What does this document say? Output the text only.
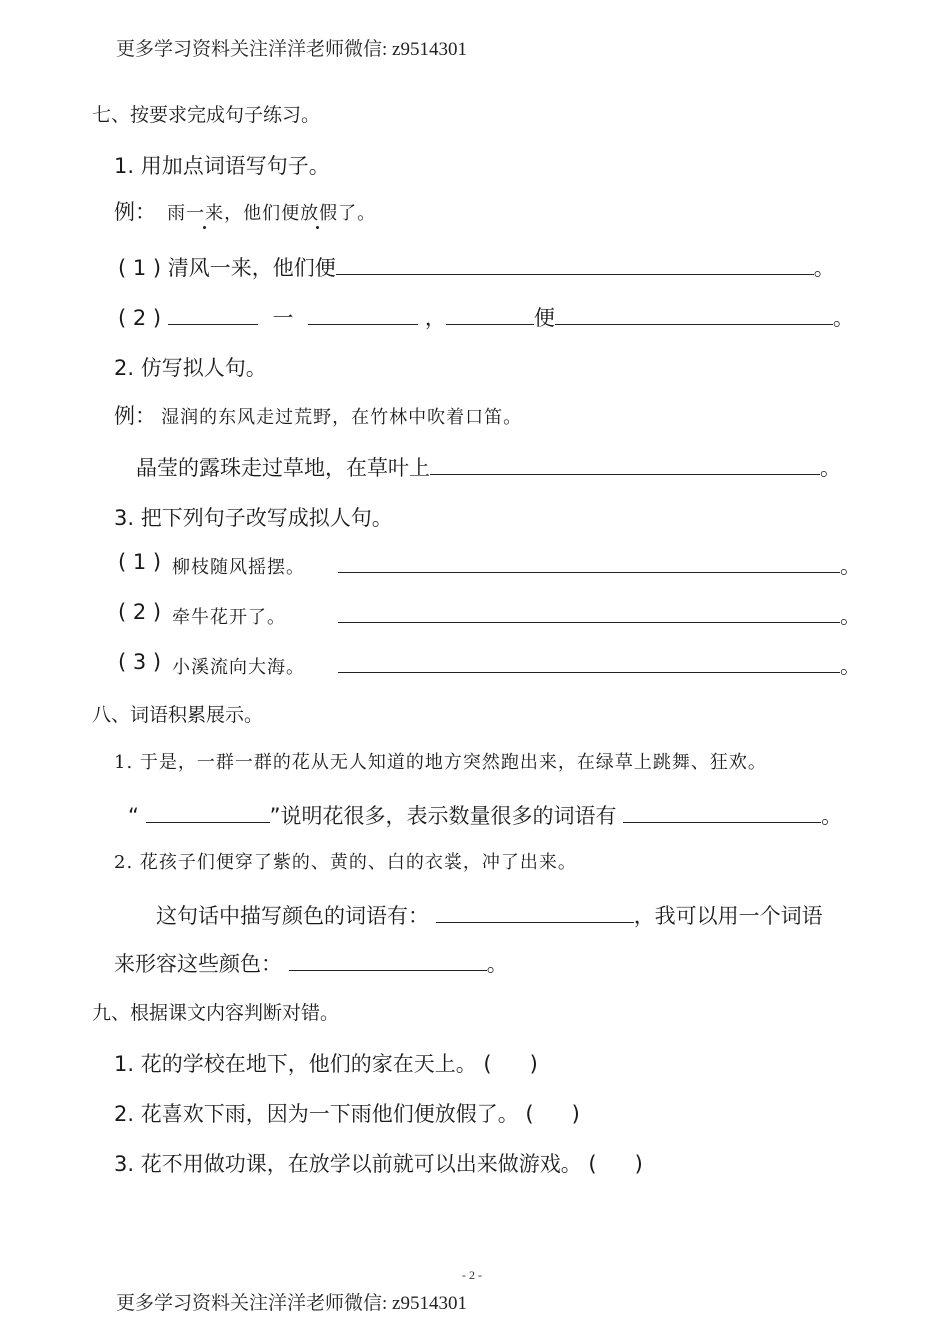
更多学习资料关注洋洋老师微信: z9514301
七、按要求完成句子练习。
1. 用加点词语写句子。
例： 雨一来，他们便放假了。
( 1 ) 清风一来，他们便	。
( 2 )	一	，	便	。
2. 仿写拟人句。
例： 湿润的东风走过荒野，在竹林中吹着口笛。
晶莹的露珠走过草地，在草叶上	。
3. 把下列句子改写成拟人句。
( 1 ) 柳枝随风摇摆。	。
( 2 ) 牵牛花开了。	。
( 3 ) 小溪流向大海。	。
八、词语积累展示。
1. 于是，一群一群的花从无人知道的地方突然跑出来，在绿草上跳舞、狂欢。
“	”说明花很多，表示数量很多的词语有	。
2. 花孩子们便穿了紫的、黄的、白的衣裳，冲了出来。
这句话中描写颜色的词语有：	，我可以用一个词语
来形容这些颜色：	。
九、根据课文内容判断对错。
1. 花的学校在地下，他们的家在天上。 ( )
2. 花喜欢下雨，因为一下雨他们便放假了。 ( )
3. 花不用做功课，在放学以前就可以出来做游戏。 ( )
- 2 -
更多学习资料关注洋洋老师微信: z9514301
